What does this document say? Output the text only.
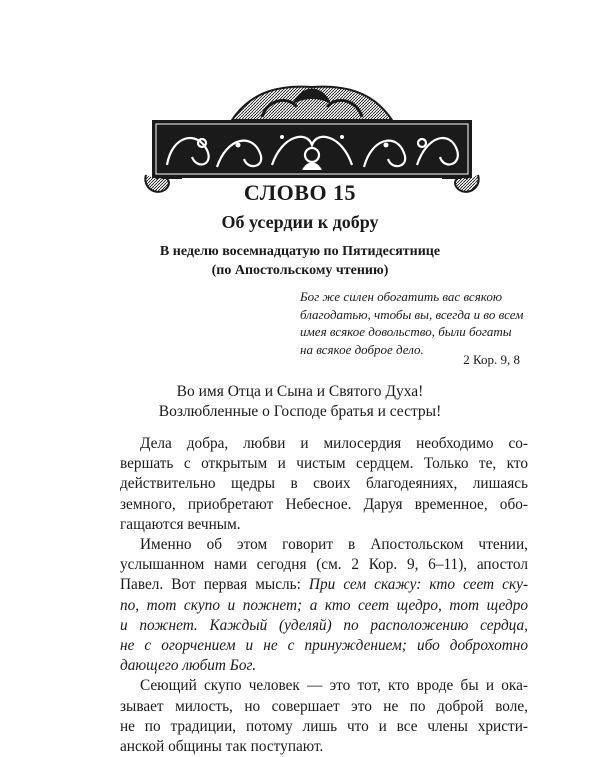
СЛОВО 15
Об усердии к добру
В неделю восемнадцатую по Пятидесятнице
(по Апостольскому чтению)
Бог же силен обогатить вас всякою
благодатью, чтобы вы, всегда и во всем
имея всякое довольство, были богаты
на всякое доброе дело.
2 Кор. 9, 8
Во имя Отца и Сына и Святого Духа!
Возлюбленные о Господе братья и сестры!
Дела добра, любви и милосердия необходимо со-
вершать с открытым и чистым сердцем. Только те, кто
действительно щедры в своих благодеяниях, лишаясь
земного, приобретают Небесное. Даруя временное, обо-
гащаются вечным.
Именно об этом говорит в Апостольском чтении,
услышанном нами сегодня (см. 2 Кор. 9, 6–11), апостол
Павел. Вот первая мысль: При сем скажу: кто сеет ску-
по, тот скупо и пожнет; а кто сеет щедро, тот щедро
и пожнет. Каждый (уделяй) по расположению сердца,
не с огорчением и не с принуждением; ибо доброхотно
дающего любит Бог.
Сеющий скупо человек — это тот, кто вроде бы и ока-
зывает милость, но совершает это не по доброй воле,
не по традиции, потому лишь что и все члены христи-
анской общины так поступают.
